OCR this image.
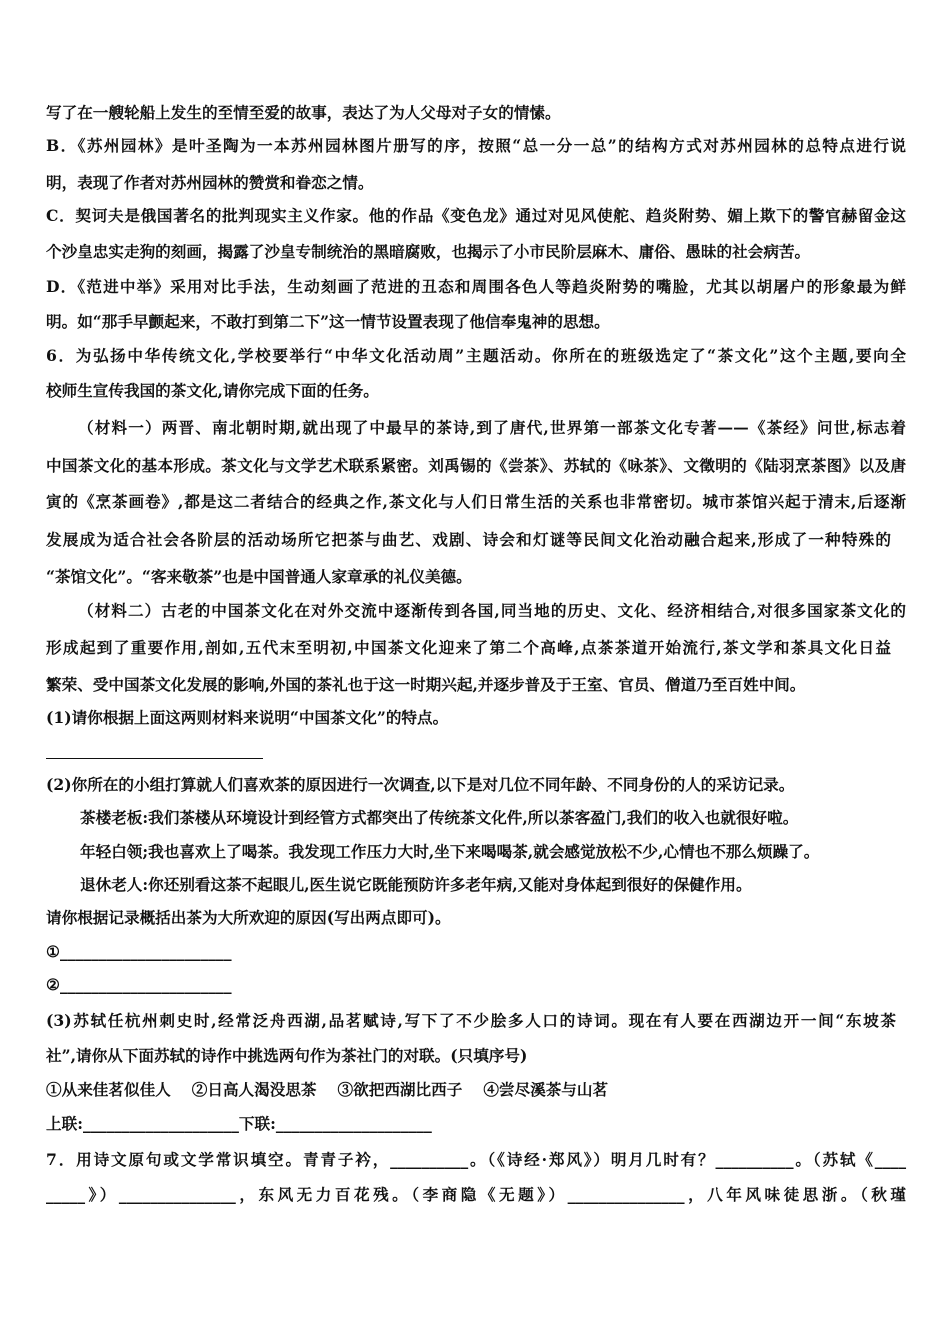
写了在一艘轮船上发生的至情至爱的故事，表达了为人父母对子女的情愫。
B．《苏州园林》是叶圣陶为一本苏州园林图片册写的序，按照“总一分一总”的结构方式对苏州园林的总特点进行说
明，表现了作者对苏州园林的赞赏和眷恋之情。
C．契诃夫是俄国著名的批判现实主义作家。他的作品《变色龙》通过对见风使舵、趋炎附势、媚上欺下的警官赫留金这
个沙皇忠实走狗的刻画，揭露了沙皇专制统治的黑暗腐败，也揭示了小市民阶层麻木、庸俗、愚昧的社会病苦。
D．《范进中举》采用对比手法，生动刻画了范进的丑态和周围各色人等趋炎附势的嘴脸，尤其以胡屠户的形象最为鲜
明。如“那手早颤起来，不敢打到第二下”这一情节设置表现了他信奉鬼神的思想。
6．为弘扬中华传统文化,学校要举行“中华文化活动周”主题活动。你所在的班级选定了“茶文化”这个主题,要向全
校师生宣传我国的茶文化,请你完成下面的任务。
（材料一）两晋、南北朝时期,就出现了中最早的茶诗,到了唐代,世界第一部茶文化专著——《茶经》问世,标志着
中国茶文化的基本形成。茶文化与文学艺术联系紧密。刘禹锡的《尝茶》、苏轼的《咏茶》、文徵明的《陆羽烹茶图》以及唐
寅的《烹茶画卷》,都是这二者结合的经典之作,茶文化与人们日常生活的关系也非常密切。城市茶馆兴起于清末,后逐渐
发展成为适合社会各阶层的活动场所它把茶与曲艺、戏剧、诗会和灯谜等民间文化治动融合起来,形成了一种特殊的
“茶馆文化”。“客来敬茶”也是中国普通人家章承的礼仪美德。
（材料二）古老的中国茶文化在对外交流中逐渐传到各国,同当地的历史、文化、经济相结合,对很多国家茶文化的
形成起到了重要作用,剖如,五代末至明初,中国茶文化迎来了第二个高峰,点茶茶道开始流行,茶文学和茶具文化日益
繁荣、受中国茶文化发展的影响,外国的茶礼也于这一时期兴起,并逐步普及于王室、官员、僧道乃至百姓中间。
(1)请你根据上面这两则材料来说明“中国茶文化”的特点。
(2)你所在的小组打算就人们喜欢茶的原因进行一次调查,以下是对几位不同年龄、不同身份的人的采访记录。
茶楼老板:我们茶楼从环境设计到经管方式都突出了传统茶文化件,所以茶客盈门,我们的收入也就很好啦。
年轻白领;我也喜欢上了喝茶。我发现工作压力大时,坐下来喝喝茶,就会感觉放松不少,心情也不那么烦躁了。
退休老人:你还别看这茶不起眼儿,医生说它既能预防许多老年病,又能对身体起到很好的保健作用。
请你根据记录概括出茶为大所欢迎的原因(写出两点即可)。
①______________________
②______________________
(3)苏轼任杭州刺史时,经常泛舟西湖,品茗赋诗,写下了不少脍多人口的诗词。现在有人要在西湖边开一间“东坡茶
社”,请你从下面苏轼的诗作中挑选两句作为茶社门的对联。(只填序号)
①从来佳茗似佳人　 ②日高人渴没思茶　 ③欲把西湖比西子　 ④尝尽溪茶与山茗
上联:____________________下联:____________________
7．用诗文原句或文学常识填空。青青子衿，__________。（《诗经·郑风》）明月几时有？__________。（苏轼《____
_____》）_______________，东风无力百花残。（李商隐《无题》）_______________，八年风味徒思浙。（秋瑾
